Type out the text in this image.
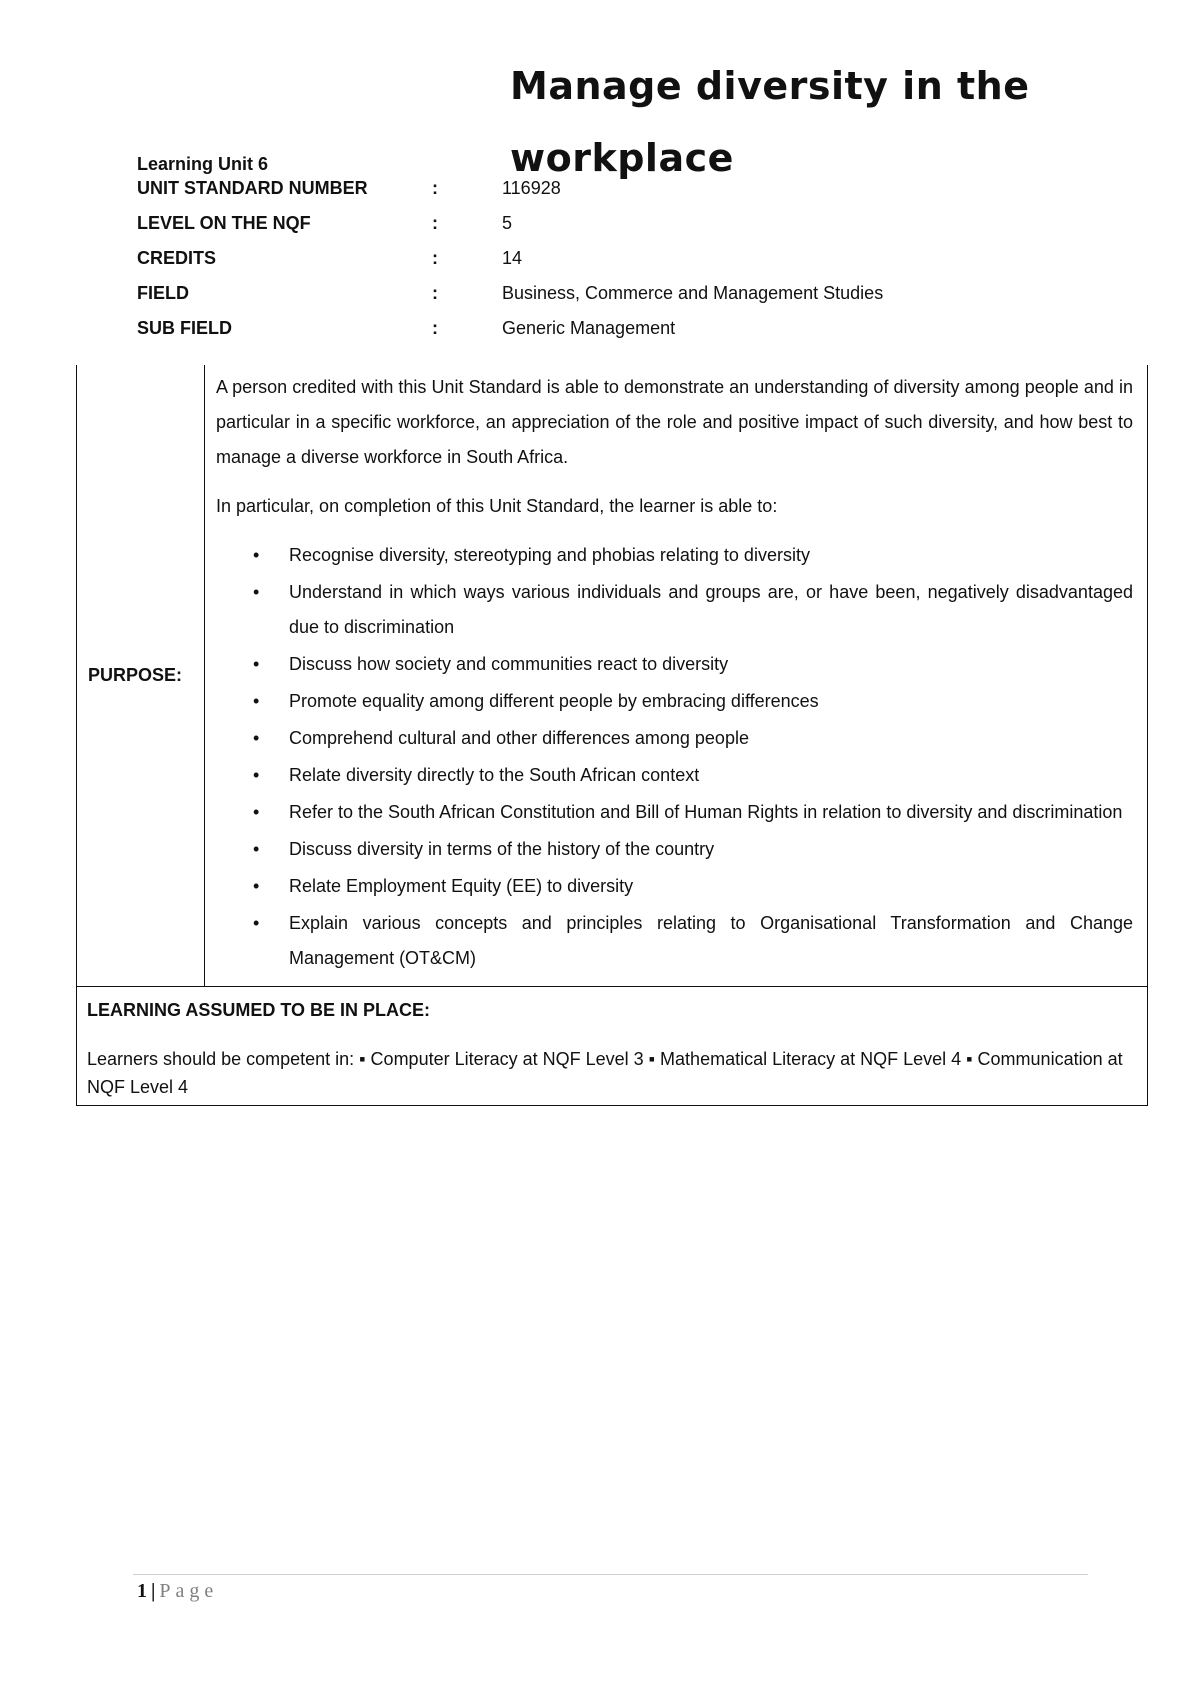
Manage diversity in the
workplace
Learning Unit 6
UNIT STANDARD NUMBER	:	116928
LEVEL ON THE NQF	:	5
CREDITS	:	14
FIELD	:	Business, Commerce and Management Studies
SUB FIELD	:	Generic Management
PURPOSE:	

A person credited with this Unit Standard is able to demonstrate an understanding of diversity among people and in particular in a specific workforce, an appreciation of the role and positive impact of such diversity, and how best to manage a diverse workforce in South Africa.

In particular, on completion of this Unit Standard, the learner is able to:

• Recognise diversity, stereotyping and phobias relating to diversity
• Understand in which ways various individuals and groups are, or have been, negatively disadvantaged due to discrimination
• Discuss how society and communities react to diversity
• Promote equality among different people by embracing differences
• Comprehend cultural and other differences among people
• Relate diversity directly to the South African context
• Refer to the South African Constitution and Bill of Human Rights in relation to diversity and discrimination
• Discuss diversity in terms of the history of the country
• Relate Employment Equity (EE) to diversity
• Explain various concepts and principles relating to Organisational Transformation and Change Management (OT&CM)

LEARNING ASSUMED TO BE IN PLACE:
Learners should be competent in: ▪ Computer Literacy at NQF Level 3 ▪ Mathematical Literacy at NQF Level 4 ▪ Communication at NQF Level 4
1 | Page
